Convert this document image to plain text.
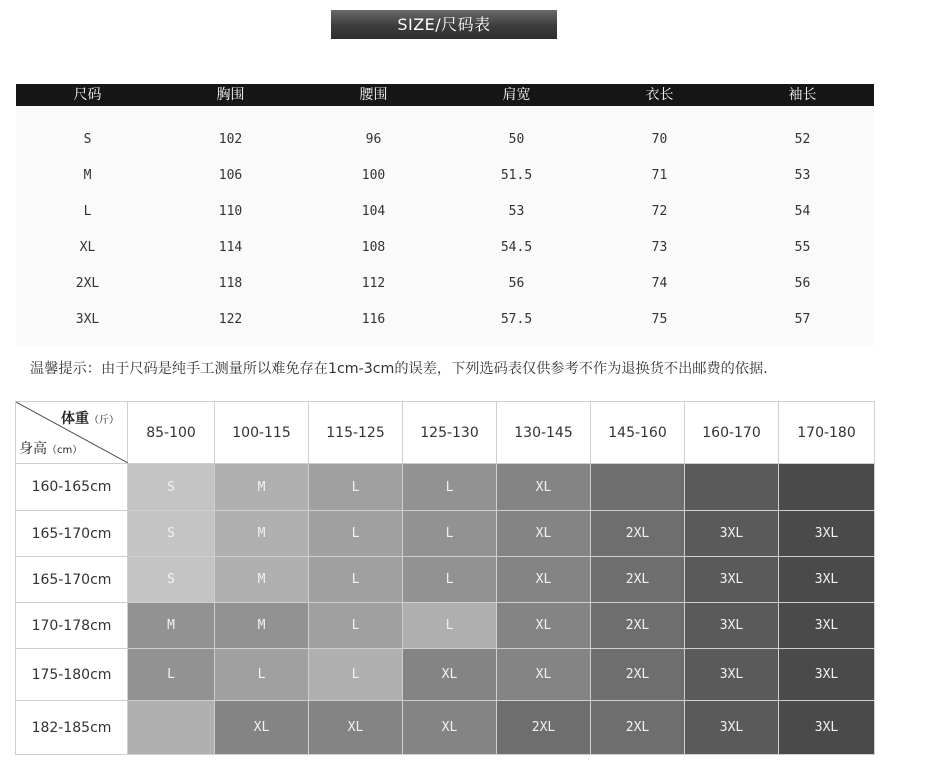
SIZE/尺码表
尺码	胸围	腰围	肩宽	衣长	袖长
S	102	96	50	70	52
M	106	100	51.5	71	53
L	110	104	53	72	54
XL	114	108	54.5	73	55
2XL	118	112	56	74	56
3XL	122	116	57.5	75	57
温馨提示：由于尺码是纯手工测量所以难免存在1cm-3cm的误差，下列选码表仅供参考不作为退换货不出邮费的依据.
体重（斤）
身高（cm）	85-100	100-115	115-125	125-130	130-145	145-160	160-170	170-180
160-165cm	S	M	L	L	XL			
165-170cm	S	M	L	L	XL	2XL	3XL	3XL
165-170cm	S	M	L	L	XL	2XL	3XL	3XL
170-178cm	M	M	L	L	XL	2XL	3XL	3XL
175-180cm	L	L	L	XL	XL	2XL	3XL	3XL
182-185cm		XL	XL	XL	2XL	2XL	3XL	3XL
